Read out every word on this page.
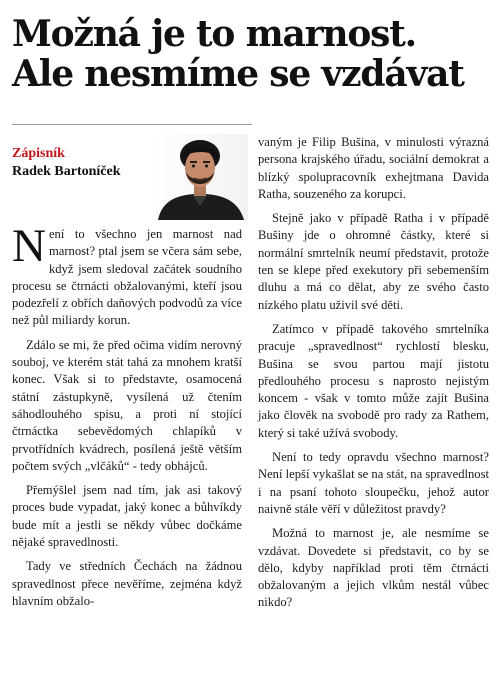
Možná je to marnost.
Ale nesmíme se vzdávat
Zápisník
Radek Bartoníček

Není to všechno jen marnost nad marnost? ptal jsem se včera sám sebe, když jsem sledoval začátek soudního procesu se čtrnácti obžalovanými, kteří jsou podezřelí z obřích daňových podvodů za více než půl miliardy korun.

Zdálo se mi, že před očima vidím nerovný souboj, ve kterém stát tahá za mnohem kratší konec. Však si to představte, osamocená státní zástupkyně, vysílená už čtením sáhodlouhého spisu, a proti ní stojící čtrnáctka sebevědomých chlapíků v prvotřídních kvádrech, posílená ještě větším počtem svých „vlčáků“ - tedy obhájců.

Přemýšlel jsem nad tím, jak asi takový proces bude vypadat, jaký konec a bůhvíkdy bude mít a jestli se někdy vůbec dočkáme nějaké spravedlnosti.

Tady ve středních Čechách na žádnou spravedlnost přece nevěříme, zejména když hlavním obžalo-

vaným je Filip Bušina, v minulosti výrazná persona krajského úřadu, sociální demokrat a blízký spolupracovník exhejtmana Davida Ratha, souzeného za korupci.

Stejně jako v případě Ratha i v případě Bušiny jde o ohromné částky, které si normální smrtelník neumí představit, protože ten se klepe před exekutory při sebemenším dluhu a má co dělat, aby ze svého často nízkého platu uživil své děti.

Zatímco v případě takového smrtelníka pracuje „spravedlnost“ rychlostí blesku, Bušina se svou partou mají jistotu předlouhého procesu s naprosto nejistým koncem - však v tomto může zajít Bušina jako člověk na svobodě pro rady za Rathem, který si také užívá svobody.

Není to tedy opravdu všechno marnost? Není lepší vykašlat se na stát, na spravedlnost i na psaní tohoto sloupečku, jehož autor naivně stále věří v důležitost pravdy?

Možná to marnost je, ale nesmíme se vzdávat. Dovedete si představit, co by se dělo, kdyby například proti těm čtrnácti obžalovaným a jejich vlkům nestál vůbec nikdo?
